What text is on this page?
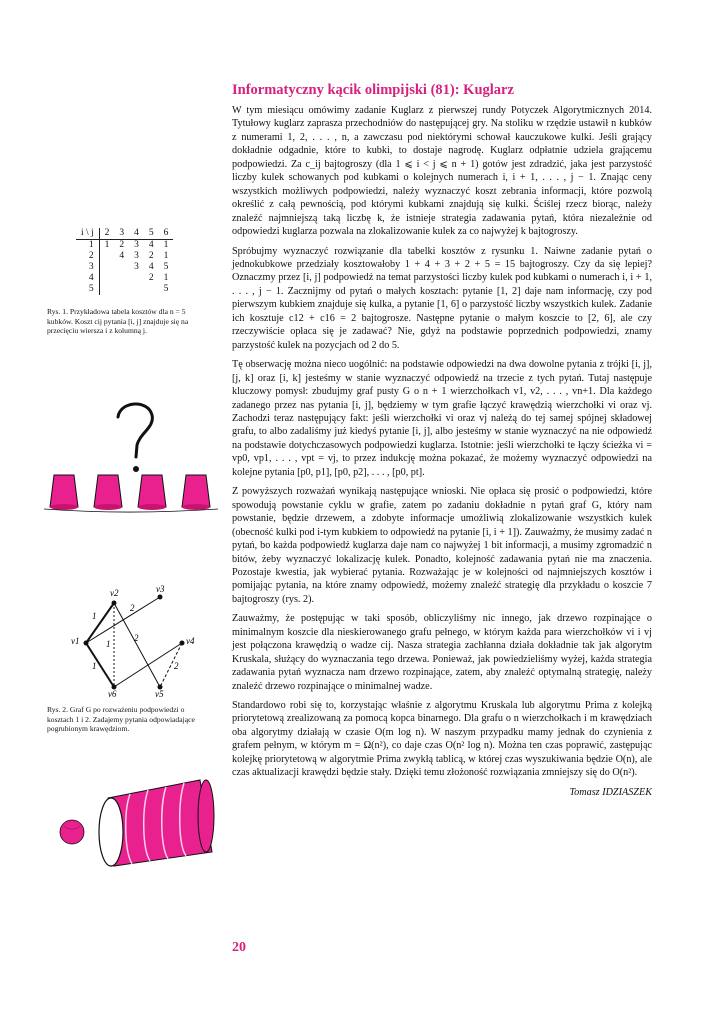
Informatyczny kącik olimpijski (81): Kuglarz

W tym miesiącu omówimy zadanie Kuglarz z pierwszej rundy Potyczek Algorytmicznych 2014. Tytułowy kuglarz zaprasza przechodniów do następującej gry. Na stoliku w rzędzie ustawił n kubków z numerami 1, 2, . . . , n, a zawczasu pod niektórymi schował kauczukowe kulki. Jeśli grający dokładnie odgadnie, które to kubki, to dostaje nagrodę. Kuglarz odpłatnie udziela grającemu podpowiedzi. Za c_ij bajtogroszy (dla 1 ⩽ i < j ⩽ n + 1) gotów jest zdradzić, jaka jest parzystość liczby kulek schowanych pod kubkami o kolejnych numerach i, i + 1, . . . , j − 1. Znając ceny wszystkich możliwych podpowiedzi, należy wyznaczyć koszt zebrania informacji, które pozwolą określić z całą pewnością, pod którymi kubkami znajdują się kulki. Ściślej rzecz biorąc, należy znaleźć najmniejszą taką liczbę k, że istnieje strategia zadawania pytań, która niezależnie od odpowiedzi kuglarza pozwala na zlokalizowanie kulek za co najwyżej k bajtogroszy.

Spróbujmy wyznaczyć rozwiązanie dla tabelki kosztów z rysunku 1. Naiwne zadanie pytań o jednokubkowe przedziały kosztowałoby 1 + 4 + 3 + 2 + 5 = 15 bajtogroszy. Czy da się lepiej? Oznaczmy przez [i, j] podpowiedź na temat parzystości liczby kulek pod kubkami o numerach i, i + 1, . . . , j − 1. Zacznijmy od pytań o małych kosztach: pytanie [1, 2] daje nam informację, czy pod pierwszym kubkiem znajduje się kulka, a pytanie [1, 6] o parzystość liczby wszystkich kulek. Zadanie ich kosztuje c12 + c16 = 2 bajtogrosze. Następne pytanie o małym koszcie to [2, 6], ale czy rzeczywiście opłaca się je zadawać? Nie, gdyż na podstawie poprzednich podpowiedzi, znamy parzystość kulek na pozycjach od 2 do 5.

Tę obserwację można nieco uogólnić: na podstawie odpowiedzi na dwa dowolne pytania z trójki [i, j], [j, k] oraz [i, k] jesteśmy w stanie wyznaczyć odpowiedź na trzecie z tych pytań. Tutaj następuje kluczowy pomysł: zbudujmy graf pusty G o n + 1 wierzchołkach v1, v2, . . . , vn+1. Dla każdego zadanego przez nas pytania [i, j], będziemy w tym grafie łączyć krawędzią wierzchołki vi oraz vj. Zachodzi teraz następujący fakt: jeśli wierzchołki vi oraz vj należą do tej samej spójnej składowej grafu, to albo zadaliśmy już kiedyś pytanie [i, j], albo jesteśmy w stanie wyznaczyć na nie odpowiedź na podstawie dotychczasowych podpowiedzi kuglarza. Istotnie: jeśli wierzchołki te łączy ścieżka vi = vp0, vp1, . . . , vpt = vj, to przez indukcję można pokazać, że możemy wyznaczyć odpowiedzi na kolejne pytania [p0, p1], [p0, p2], . . . , [p0, pt].

Z powyższych rozważań wynikają następujące wnioski. Nie opłaca się prosić o podpowiedzi, które spowodują powstanie cyklu w grafie, zatem po zadaniu dokładnie n pytań graf G, który nam powstanie, będzie drzewem, a zdobyte informacje umożliwią zlokalizowanie wszystkich kulek (obecność kulki pod i-tym kubkiem to odpowiedź na pytanie [i, i + 1]). Zauważmy, że musimy zadać n pytań, bo każda podpowiedź kuglarza daje nam co najwyżej 1 bit informacji, a musimy zgromadzić n bitów, żeby wyznaczyć lokalizację kulek. Ponadto, kolejność zadawania pytań nie ma znaczenia. Pozostaje kwestia, jak wybierać pytania. Rozważając je w kolejności od najmniejszych kosztów i pomijając pytania, na które znamy odpowiedź, możemy znaleźć strategię dla przykładu o koszcie 7 bajtogroszy (rys. 2).

Zauważmy, że postępując w taki sposób, obliczyliśmy nic innego, jak drzewo rozpinające o minimalnym koszcie dla nieskierowanego grafu pełnego, w którym każda para wierzchołków vi i vj jest połączona krawędzią o wadze cij. Nasza strategia zachłanna działa dokładnie tak jak algorytm Kruskala, służący do wyznaczania tego drzewa. Ponieważ, jak powiedzieliśmy wyżej, każda strategia zadawania pytań wyznacza nam drzewo rozpinające, zatem, aby znaleźć optymalną strategię, należy znaleźć drzewo rozpinające o minimalnej wadze.

Standardowo robi się to, korzystając właśnie z algorytmu Kruskala lub algorytmu Prima z kolejką priorytetową zrealizowaną za pomocą kopca binarnego. Dla grafu o n wierzchołkach i m krawędziach oba algorytmy działają w czasie O(m log n). W naszym przypadku mamy jednak do czynienia z grafem pełnym, w którym m = Ω(n²), co daje czas O(n² log n). Można ten czas poprawić, zastępując kolejkę priorytetową w algorytmie Prima zwykłą tablicą, w której czas wyszukiwania będzie O(n), ale czas aktualizacji krawędzi będzie stały. Dzięki temu złożoność rozwiązania zmniejszy się do O(n²).

Tomasz IDZIASZEK
20
i \ j	2	3	4	5	6
1	1	2	3	4	1
2		4	3	2	1
3			3	4	5
4				2	1
5					5
Rys. 1. Przykładowa tabela kosztów dla n = 5 kubków. Koszt cij pytania [i, j] znajduje się na przecięciu wiersza i z kolumną j.
v2	v3
v1	v4
v6	v5
1
2
1
2
1	2
Rys. 2. Graf G po rozważeniu podpowiedzi o kosztach 1 i 2. Zadajemy pytania odpowiadające pogrubionym krawędziom.
